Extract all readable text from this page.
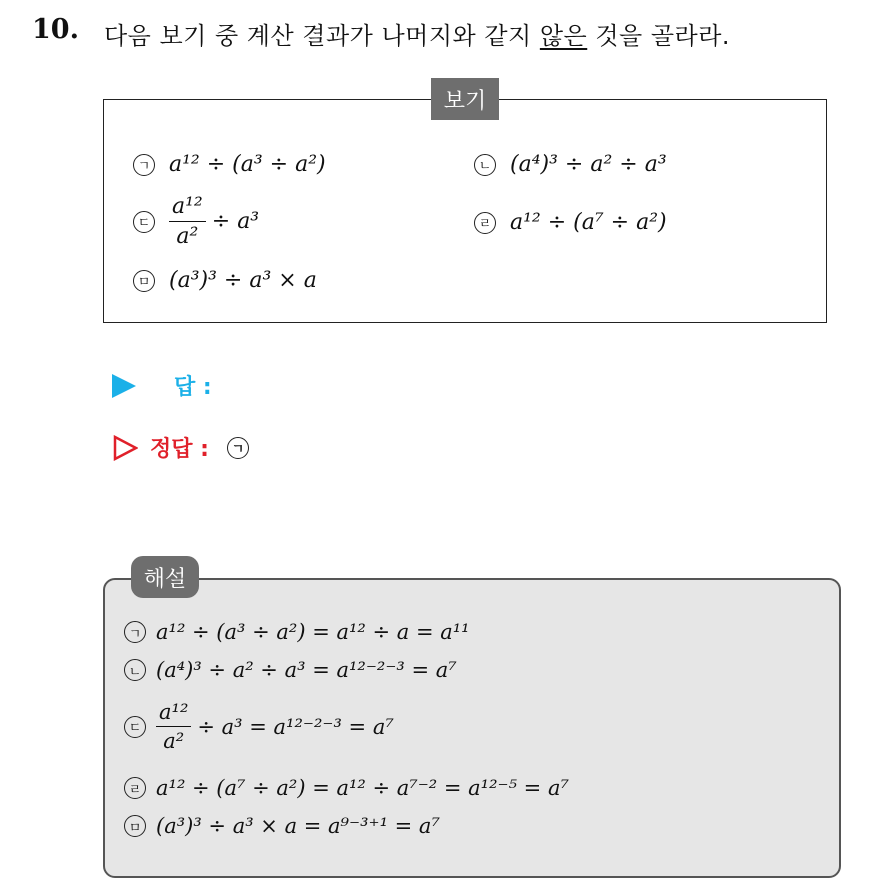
10. 다음 보기 중 계산 결과가 나머지와 같지 않은 것을 골라라.
보기
ㄱ a¹² ÷ (a³ ÷ a²)	ㄴ (a⁴)³ ÷ a² ÷ a³
ㄷ $\frac{\text{a¹²}}{\text{a²}} \div a^3$	ㄹ a¹² ÷ (a⁷ ÷ a²)
ㅁ (a³)³ ÷ a³ × a
답 :
정답 :	ㄱ
해설
ㄱ a¹² ÷ (a³ ÷ a²) = a¹² ÷ a = a¹¹
ㄴ (a⁴)³ ÷ a² ÷ a³ = a¹²⁻²⁻³ = a⁷
ㄷ $\frac{\text{a¹²}}{\text{a²}} \div a^3 = a^{12-2-3} = a^7$
ㄹ a¹² ÷ (a⁷ ÷ a²) = a¹² ÷ a⁷⁻² = a¹²⁻⁵ = a⁷
ㅁ (a³)³ ÷ a³ × a = a⁹⁻³⁺¹ = a⁷
